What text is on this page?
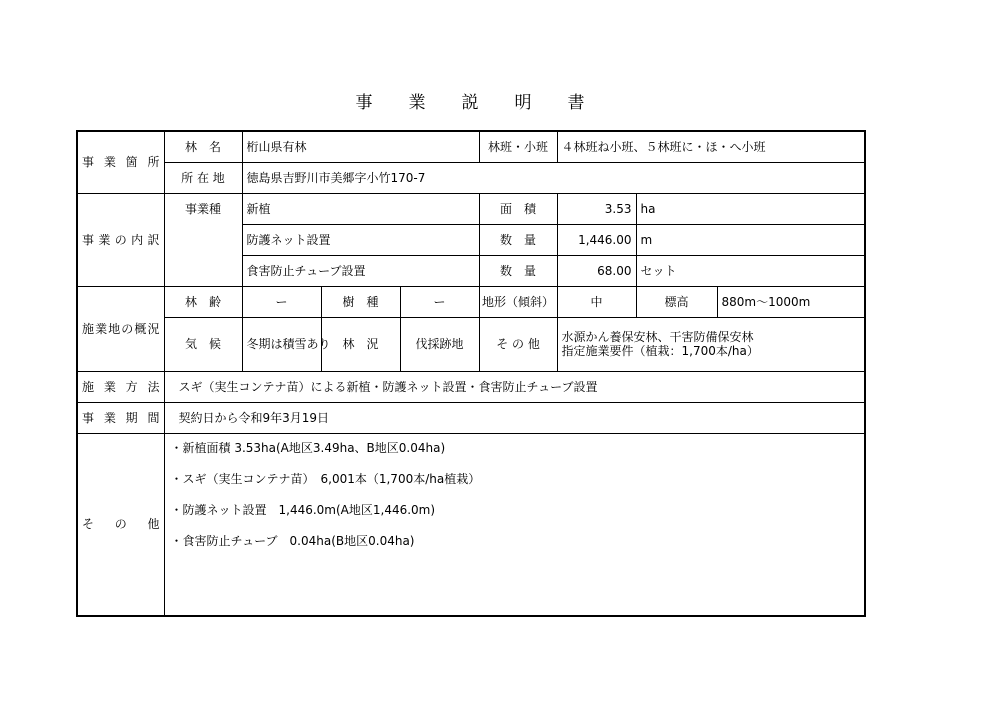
事 業 説 明 書
事業箇所	林　名	桁山県有林			林班・小班	４林班ね小班、５林班に・ほ・へ小班		
	所 在 地	徳島県吉野川市美郷字小竹170-7						
事業の内訳	事業種	新植			面　積	3.53	ha	
		防護ネット設置			数　量	1,446.00	m	
		食害防止チューブ設置			数　量	68.00	セット	
施業地の概況	林　齢	ー	樹　種	ー	地形（傾斜）	中	標高	880m～1000m
	気　候	冬期は積雪あり	林　況	伐採跡地	そ の 他	水源かん養保安林、干害防備保安林
指定施業要件（植栽：1,700本/ha）		

施業方法	スギ（実生コンテナ苗）による新植・防護ネット設置・食害防止チューブ設置							
事業期間	契約日から令和9年3月19日							
そ　の　他	・新植面積 3.53ha(A地区3.49ha、B地区0.04ha)
・スギ（実生コンテナ苗）　6,001本（1,700本/ha植栽）
・防護ネット設置　1,446.0m(A地区1,446.0m)
・食害防止チューブ　0.04ha(B地区0.04ha)							
